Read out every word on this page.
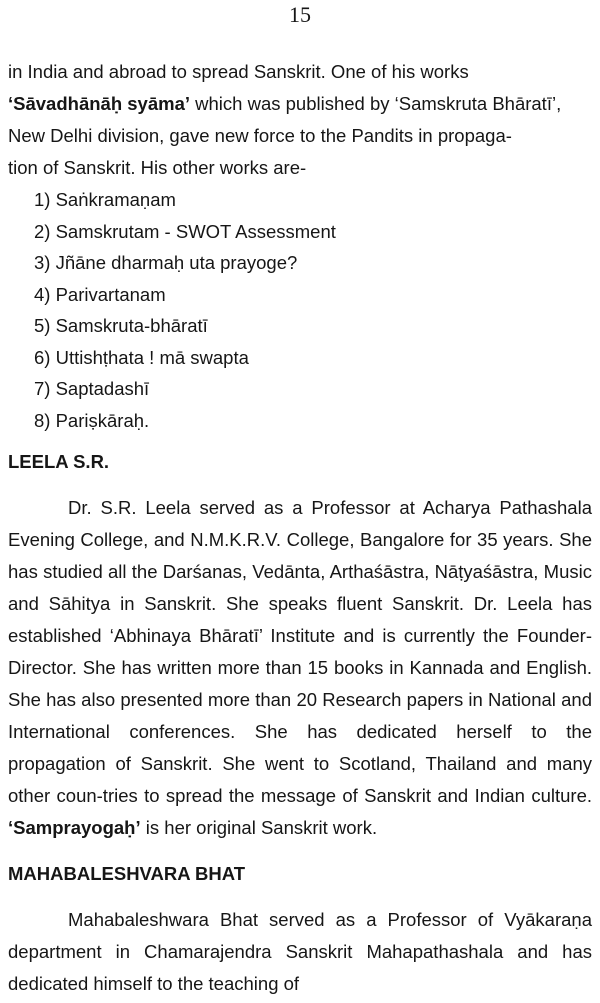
15

in India and abroad to spread Sanskrit. One of his works

‘Sāvadhānāḥ syāma’ which was published by ‘Samskruta Bhāratī’,

New Delhi division, gave new force to the Pandits in propaga-

tion of Sanskrit. His other works are-

1) Saṅkramaṇam
2) Samskrutam - SWOT Assessment
3) Jñāne dharmaḥ uta prayoge?
4) Parivartanam
5) Samskruta-bhāratī
6) Uttishṭhata ! mā swapta
7) Saptadashī
8) Pariṣkāraḥ.
LEELA S.R.

Dr. S.R. Leela served as a Professor at Acharya Pathashala Evening College, and N.M.K.R.V. College, Bangalore for 35 years. She has studied all the Darśanas, Vedānta, Arthaśāstra, Nāṭyaśāstra, Music and Sāhitya in Sanskrit. She speaks fluent Sanskrit. Dr. Leela has established ‘Abhinaya Bhāratī’ Institute and is currently the Founder-Director. She has written more than 15 books in Kannada and English. She has also presented more than 20 Research papers in National and International conferences. She has dedicated herself to the propagation of Sanskrit. She went to Scotland, Thailand and many other coun-tries to spread the message of Sanskrit and Indian culture. ‘Samprayogaḥ’ is her original Sanskrit work.

MAHABALESHVARA BHAT

Mahabaleshwara Bhat served as a Professor of Vyākaraṇa department in Chamarajendra Sanskrit Mahapathashala and has dedicated himself to the teaching of
